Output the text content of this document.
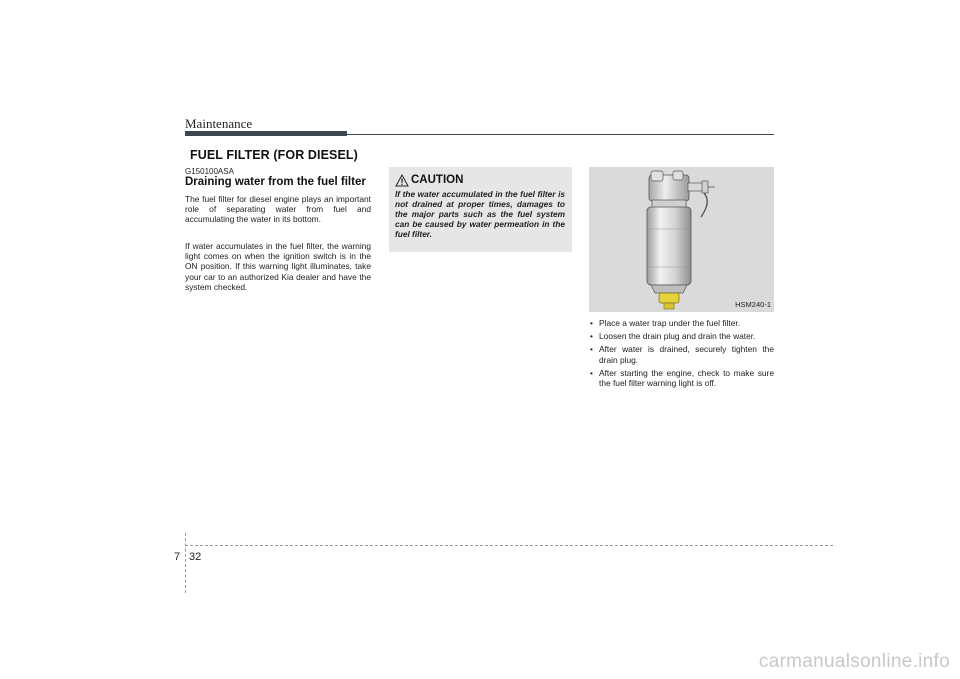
Maintenance
FUEL FILTER (FOR DIESEL)
G150100ASA
Draining water from the fuel filter

The fuel filter for diesel engine plays an important role of separating water from fuel and accumulating the water in its bottom.

If water accumulates in the fuel filter, the warning light comes on when the ignition switch is in the ON position. If this warning light illuminates, take your car to an authorized Kia dealer and have the system checked.

CAUTION

If the water accumulated in the fuel filter is not drained at proper times, damages to the major parts such as the fuel system can be caused by water permeation in the fuel filter.

HSM240-1
• Place a water trap under the fuel filter.
• Loosen the drain plug and drain the water.
• After water is drained, securely tighten the drain plug.
• After starting the engine, check to make sure the fuel filter warning light is off.
7 32
carmanualsonline.info
